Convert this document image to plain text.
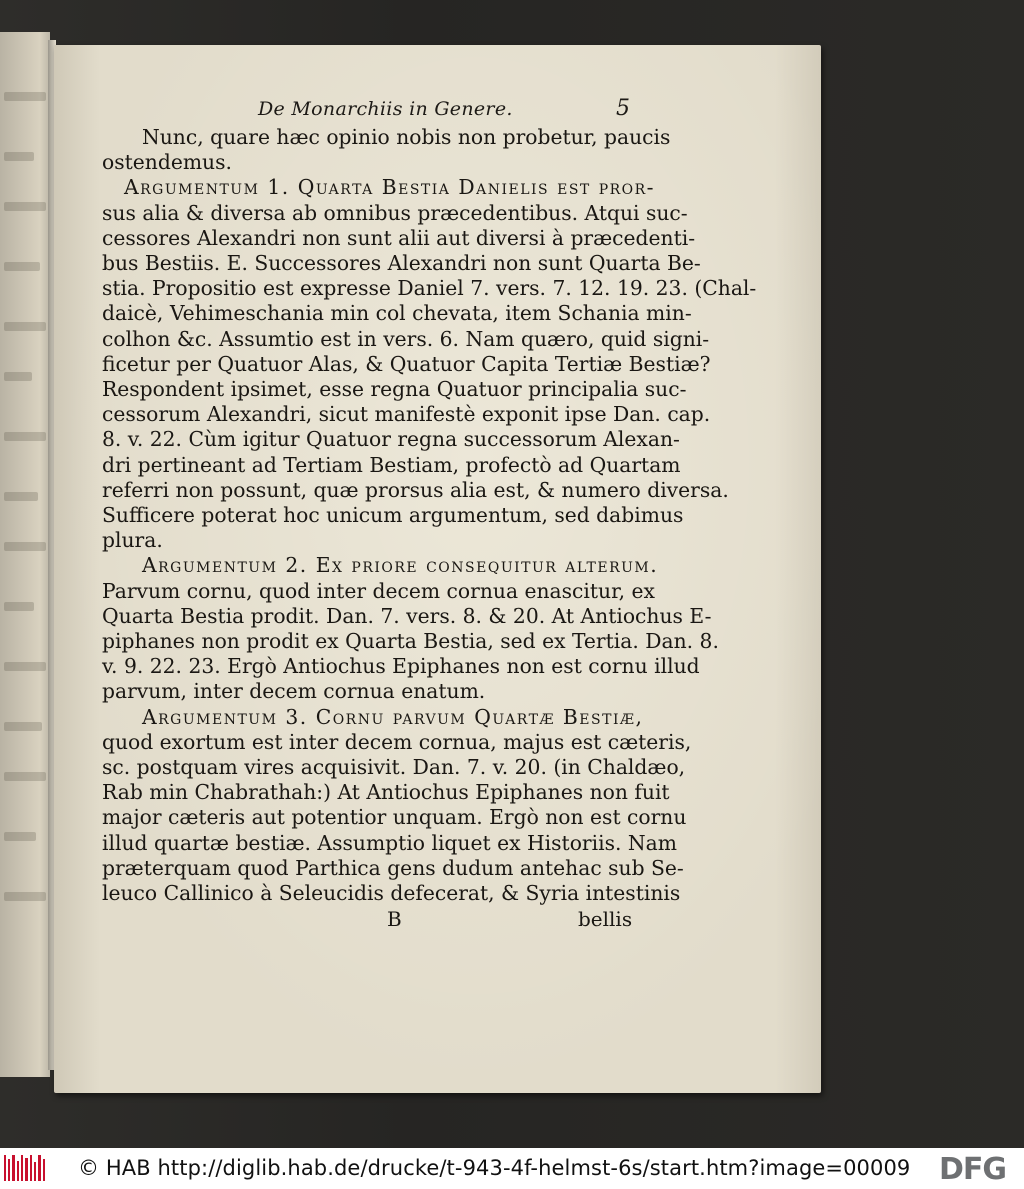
De Monarchiis in Genere.	5
Nunc, quare hæc opinio nobis non probetur, paucis
ostendemus.
Argumentum 1. Quarta Bestia Danielis est pror-
sus alia & diversa ab omnibus præcedentibus. Atqui suc-
cessores Alexandri non sunt alii aut diversi à præcedenti-
bus Bestiis. E. Successores Alexandri non sunt Quarta Be-
stia. Propositio est expresse Daniel 7. vers. 7. 12. 19. 23. (Chal-
daicè, Vehimeschania min col chevata, item Schania min-
colhon &c. Assumtio est in vers. 6. Nam quæro, quid signi-
ficetur per Quatuor Alas, & Quatuor Capita Tertiæ Bestiæ?
Respondent ipsimet, esse regna Quatuor principalia suc-
cessorum Alexandri, sicut manifestè exponit ipse Dan. cap.
8. v. 22. Cùm igitur Quatuor regna successorum Alexan-
dri pertineant ad Tertiam Bestiam, profectò ad Quartam
referri non possunt, quæ prorsus alia est, & numero diversa.
Sufficere poterat hoc unicum argumentum, sed dabimus
plura.
Argumentum 2. Ex priore consequitur alterum.
Parvum cornu, quod inter decem cornua enascitur, ex
Quarta Bestia prodit. Dan. 7. vers. 8. & 20. At Antiochus E-
piphanes non prodit ex Quarta Bestia, sed ex Tertia. Dan. 8.
v. 9. 22. 23. Ergò Antiochus Epiphanes non est cornu illud
parvum, inter decem cornua enatum.
Argumentum 3. Cornu parvum Quartæ Bestiæ,
quod exortum est inter decem cornua, majus est cæteris,
sc. postquam vires acquisivit. Dan. 7. v. 20. (in Chaldæo,
Rab min Chabrathah:) At Antiochus Epiphanes non fuit
major cæteris aut potentior unquam. Ergò non est cornu
illud quartæ bestiæ. Assumptio liquet ex Historiis. Nam
præterquam quod Parthica gens dudum antehac sub Se-
leuco Callinico à Seleucidis defecerat, & Syria intestinis
B	bellis
© HAB http://diglib.hab.de/drucke/t-943-4f-helmst-6s/start.htm?image=00009 DFG
